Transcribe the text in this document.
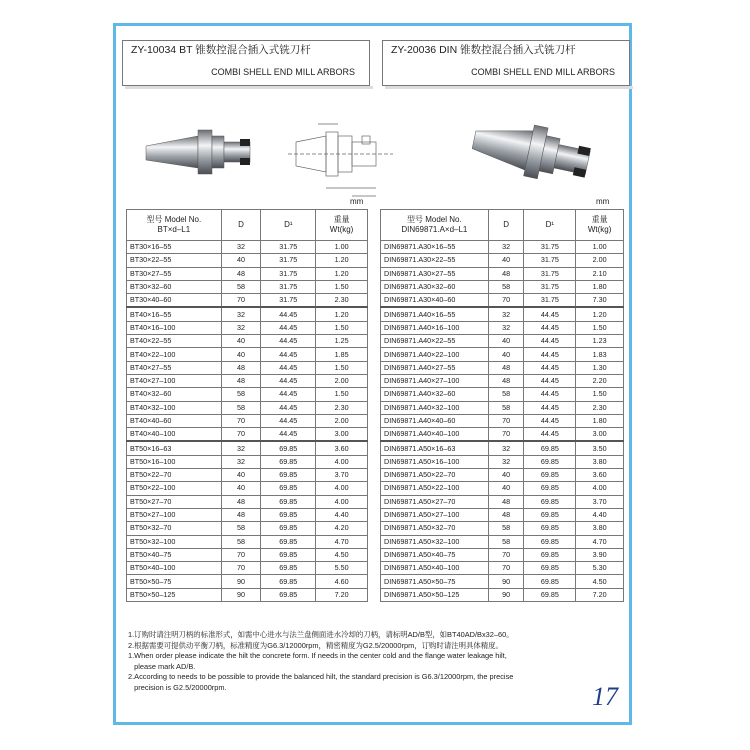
ZY-10034 BT 锥数控混合插入式铣刀杆
COMBI SHELL END MILL ARBORS
ZY-20036 DIN 锥数控混合插入式铣刀杆
COMBI SHELL END MILL ARBORS
mm	mm
型号 Model No.
BT×d–L1	D	D¹	重量
Wt(kg)
BT30×16–55	32	31.75	1.00
BT30×22–55	40	31.75	1.20
BT30×27–55	48	31.75	1.20
BT30×32–60	58	31.75	1.50
BT30×40–60	70	31.75	2.30
BT40×16–55	32	44.45	1.20
BT40×16–100	32	44.45	1.50
BT40×22–55	40	44.45	1.25
BT40×22–100	40	44.45	1.85
BT40×27–55	48	44.45	1.50
BT40×27–100	48	44.45	2.00
BT40×32–60	58	44.45	1.50
BT40×32–100	58	44.45	2.30
BT40×40–60	70	44.45	2.00
BT40×40–100	70	44.45	3.00
BT50×16–63	32	69.85	3.60
BT50×16–100	32	69.85	4.00
BT50×22–70	40	69.85	3.70
BT50×22–100	40	69.85	4.00
BT50×27–70	48	69.85	4.00
BT50×27–100	48	69.85	4.40
BT50×32–70	58	69.85	4.20
BT50×32–100	58	69.85	4.70
BT50×40–75	70	69.85	4.50
BT50×40–100	70	69.85	5.50
BT50×50–75	90	69.85	4.60
BT50×50–125	90	69.85	7.20
型号 Model No.
DIN69871.A×d–L1	D	D¹	重量
Wt(kg)
DIN69871.A30×16–55	32	31.75	1.00
DIN69871.A30×22–55	40	31.75	2.00
DIN69871.A30×27–55	48	31.75	2.10
DIN69871.A30×32–60	58	31.75	1.80
DIN69871.A30×40–60	70	31.75	7.30
DIN69871.A40×16–55	32	44.45	1.20
DIN69871.A40×16–100	32	44.45	1.50
DIN69871.A40×22–55	40	44.45	1.23
DIN69871.A40×22–100	40	44.45	1.83
DIN69871.A40×27–55	48	44.45	1.30
DIN69871.A40×27–100	48	44.45	2.20
DIN69871.A40×32–60	58	44.45	1.50
DIN69871.A40×32–100	58	44.45	2.30
DIN69871.A40×40–60	70	44.45	1.80
DIN69871.A40×40–100	70	44.45	3.00
DIN69871.A50×16–63	32	69.85	3.50
DIN69871.A50×16–100	32	69.85	3.80
DIN69871.A50×22–70	40	69.85	3.60
DIN69871.A50×22–100	40	69.85	4.00
DIN69871.A50×27–70	48	69.85	3.70
DIN69871.A50×27–100	48	69.85	4.40
DIN69871.A50×32–70	58	69.85	3.80
DIN69871.A50×32–100	58	69.85	4.70
DIN69871.A50×40–75	70	69.85	3.90
DIN69871.A50×40–100	70	69.85	5.30
DIN69871.A50×50–75	90	69.85	4.50
DIN69871.A50×50–125	90	69.85	7.20
1.订购时请注明刀柄的标准形式，如需中心进水与法兰盘侧面进水冷却的刀柄，请标明AD/B型，如BT40AD/Bx32–60。
2.根据需要可提供动平衡刀柄，标准精度为G6.3/12000rpm，精密精度为G2.5/20000rpm，订购时请注明具体精度。
1.When order please indicate the hilt the concrete form. If needs in the center cold and the flange water leakage hilt,
please mark AD/B.
2.According to needs to be possible to provide the balanced hilt, the standard precision is G6.3/12000rpm, the precise
precision is G2.5/20000rpm.	17
